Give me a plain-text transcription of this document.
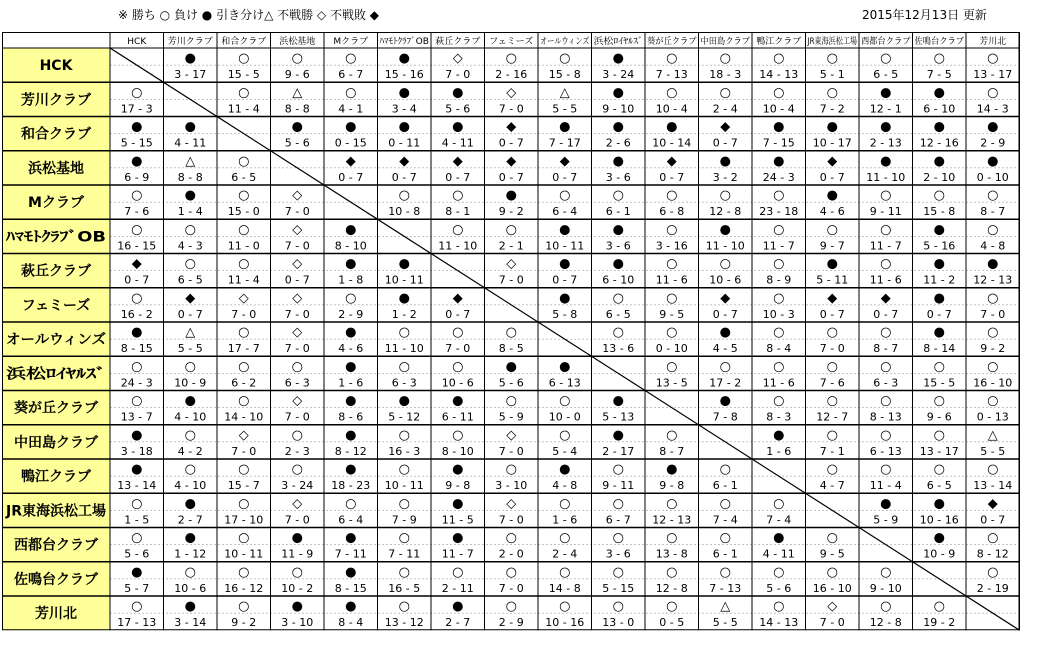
※ 勝ち ○ 負け ● 引き分け△ 不戦勝 ◇ 不戦敗 ◆	2015年12月13日 更新
HCK 芳川クラブ 和合クラブ 浜松基地 Mクラブ ﾊﾏﾓﾄｸﾗﾌﾞOB 萩丘クラブ フェミーズ オールウィンズ
浜松ﾛｲﾔﾙｽﾞ 葵が丘クラブ 中田島クラブ 鴨江クラブ JR東海浜松工場
西都台クラブ 佐鳴台クラブ 芳川北
HCK
芳川クラブ
和合クラブ
浜松基地
Mクラブ
ﾊﾏﾓﾄｸﾗﾌﾞOB
萩丘クラブ
フェミーズ
オールウィンズ
浜松ﾛｲﾔﾙｽﾞ
葵が丘クラブ
中田島クラブ
鴨江クラブ
JR東海浜松工場
西都台クラブ
佐鳴台クラブ
芳川北
●
3 - 17
○
15 - 5
○
9 - 6
○
6 - 7
●
15 - 16
◇
7 - 0
○
2 - 16
○
15 - 8
●
3 - 24
○
7 - 13
○
18 - 3
○
14 - 13
○
5 - 1
○
6 - 5
○
7 - 5
○
13 - 17
○
17 - 3
○
11 - 4
△
8 - 8
○
4 - 1
●
3 - 4
●
5 - 6
◇
7 - 0
△
5 - 5
●
9 - 10
○
10 - 4
○
2 - 4
○
10 - 4
○
7 - 2
●
12 - 1
●
6 - 10
○
14 - 3
●
5 - 15
●
4 - 11
●
5 - 6
●
0 - 15
●
0 - 11
●
4 - 11
◆
0 - 7
●
7 - 17
●
2 - 6
●
10 - 14
◆
0 - 7
●
7 - 15
●
10 - 17
●
2 - 13
●
12 - 16
●
2 - 9
●
6 - 9
△
8 - 8
○
6 - 5
◆
0 - 7
◆
0 - 7
◆
0 - 7
◆
0 - 7
◆
0 - 7
●
3 - 6
◆
0 - 7
●
3 - 2
●
24 - 3
◆
0 - 7
●
11 - 10
●
2 - 10
●
0 - 10
○
7 - 6
●
1 - 4
○
15 - 0
◇
7 - 0
○
10 - 8
○
8 - 1
●
9 - 2
○
6 - 4
○
6 - 1
○
6 - 8
○
12 - 8
○
23 - 18
●
4 - 6
○
9 - 11
○
15 - 8
○
8 - 7
○
16 - 15
○
4 - 3
○
11 - 0
◇
7 - 0
●
8 - 10
○
11 - 10
○
2 - 1
●
10 - 11
●
3 - 6
○
3 - 16
●
11 - 10
○
11 - 7
○
9 - 7
○
11 - 7
●
5 - 16
○
4 - 8
◆
0 - 7
○
6 - 5
○
11 - 4
◇
0 - 7
●
1 - 8
●
10 - 11
◇
7 - 0
●
0 - 7
●
6 - 10
○
11 - 6
○
10 - 6
○
8 - 9
●
5 - 11
○
11 - 6
●
11 - 2
●
12 - 13
○
16 - 2
◆
0 - 7
◇
7 - 0
◇
7 - 0
○
2 - 9
●
1 - 2
◆
0 - 7
●
5 - 8
○
6 - 5
○
9 - 5
◆
0 - 7
○
10 - 3
◆
0 - 7
◆
0 - 7
●
0 - 7
○
7 - 0
●
8 - 15
△
5 - 5
○
17 - 7
◇
7 - 0
●
4 - 6
○
11 - 10
○
7 - 0
○
8 - 5
○
13 - 6
○
0 - 10
●
4 - 5
○
8 - 4
○
7 - 0
○
8 - 7
●
8 - 14
○
9 - 2
○
24 - 3
○
10 - 9
○
6 - 2
○
6 - 3
●
1 - 6
○
6 - 3
○
10 - 6
●
5 - 6
●
6 - 13
○
13 - 5
○
17 - 2
○
11 - 6
○
7 - 6
○
6 - 3
○
15 - 5
○
16 - 10
○
13 - 7
●
4 - 10
○
14 - 10
◇
7 - 0
●
8 - 6
●
5 - 12
●
6 - 11
○
5 - 9
○
10 - 0
●
5 - 13
●
7 - 8
○
8 - 3
○
12 - 7
○
8 - 13
○
9 - 6
○
0 - 13
●
3 - 18
○
4 - 2
◇
7 - 0
○
2 - 3
●
8 - 12
○
16 - 3
○
8 - 10
◇
7 - 0
○
5 - 4
●
2 - 17
○
8 - 7
●
1 - 6
○
7 - 1
○
6 - 13
○
13 - 17
△
5 - 5
●
13 - 14
○
4 - 10
○
15 - 7
○
3 - 24
●
18 - 23
○
10 - 11
●
9 - 8
○
3 - 10
●
4 - 8
○
9 - 11
●
9 - 8
○
6 - 1
○
4 - 7
○
11 - 4
○
6 - 5
○
13 - 14
○
1 - 5
●
2 - 7
○
17 - 10
◇
7 - 0
○
6 - 4
○
7 - 9
●
11 - 5
◇
7 - 0
○
1 - 6
○
6 - 7
○
12 - 13
○
7 - 4
○
7 - 4
●
5 - 9
●
10 - 16
◆
0 - 7
○
5 - 6
●
1 - 12
○
10 - 11
●
11 - 9
●
7 - 11
○
7 - 11
●
11 - 7
○
2 - 0
○
2 - 4
○
3 - 6
○
13 - 8
○
6 - 1
●
4 - 11
○
9 - 5
●
10 - 9
○
8 - 12
●
5 - 7
○
10 - 6
○
16 - 12
○
10 - 2
●
8 - 15
○
16 - 5
○
2 - 11
○
7 - 0
○
14 - 8
○
5 - 15
○
12 - 8
○
7 - 13
○
5 - 6
○
16 - 10
○
9 - 10
○
2 - 19
○
17 - 13
●
3 - 14
○
9 - 2
●
3 - 10
●
8 - 4
○
13 - 12
●
2 - 7
○
2 - 9
○
10 - 16
○
13 - 0
○
0 - 5
△
5 - 5
○
14 - 13
◇
7 - 0
○
12 - 8
○
19 - 2
